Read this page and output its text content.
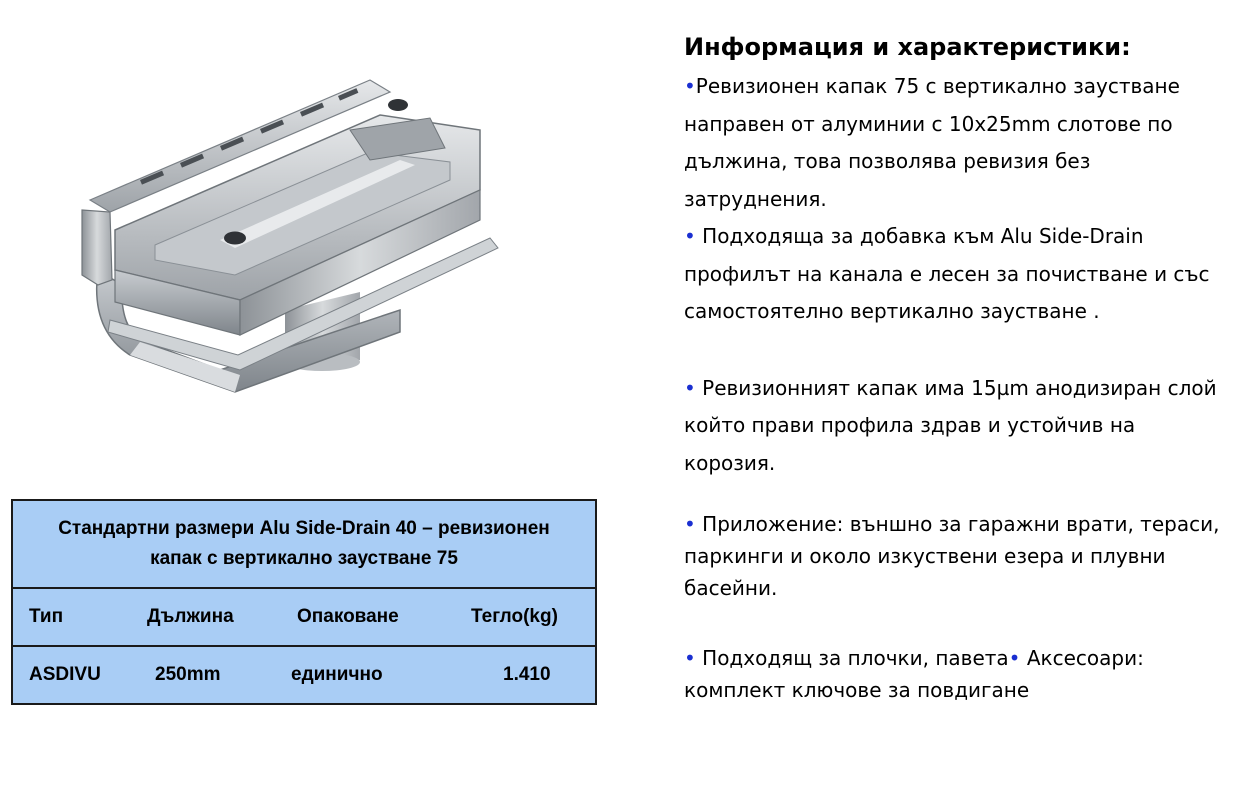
Стандартни размери Alu Side-Drain 40 – ревизионен капак с вертикално заустване 75

Тип	Дължина	Опаковане	Тегло(kg)

ASDIVU	250mm	единично	1.410
Информация и характеристики:

•Ревизионен капак 75 с вертикално заустване направен от алуминии с 10x25mm слотове по дължина, това позволява ревизия без затруднения.

• Подходяща за добавка към Alu Side-Drain профилът на канала е лесен за почистване и със самостоятелно вертикално заустване .

• Ревизионният капак има 15µm анодизиран слой който прави профила здрав и устойчив на корозия.

• Приложение: външно за гаражни врати, тераси, паркинги и около изкуствени езера и плувни басейни.

• Подходящ за плочки, павета• Аксесоари: комплект ключове за повдигане
